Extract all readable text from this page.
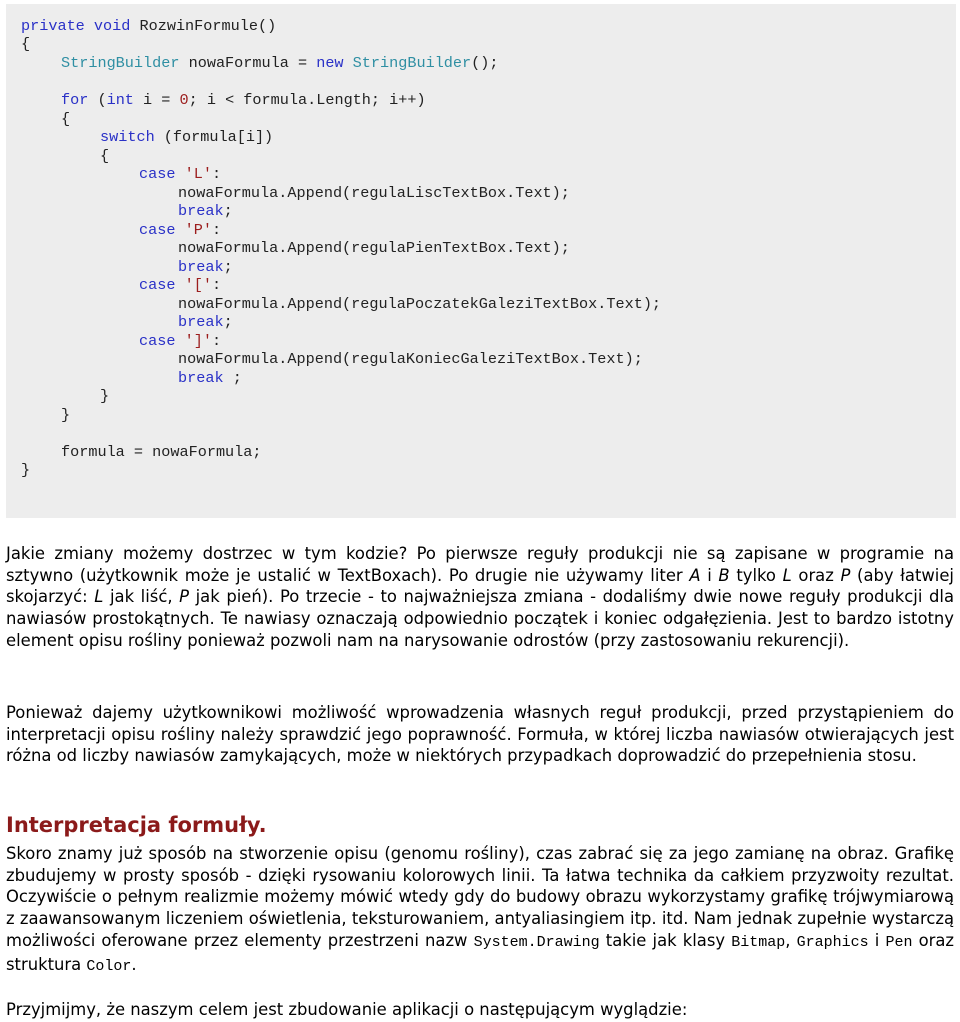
private void RozwinFormule()
{
StringBuilder nowaFormula = new StringBuilder();
for (int i = 0; i < formula.Length; i++)
{
switch (formula[i])
{
case 'L':
nowaFormula.Append(regulaLiscTextBox.Text);
break;
case 'P':
nowaFormula.Append(regulaPienTextBox.Text);
break;
case '[':
nowaFormula.Append(regulaPoczatekGaleziTextBox.Text);
break;
case ']':
nowaFormula.Append(regulaKoniecGaleziTextBox.Text);
break ;
}
}
formula = nowaFormula;
}

Jakie zmiany możemy dostrzec w tym kodzie? Po pierwsze reguły produkcji nie są zapisane w programie na sztywno (użytkownik może je ustalić w TextBoxach). Po drugie nie używamy liter A i B tylko L oraz P (aby łatwiej skojarzyć: L jak liść, P jak pień). Po trzecie - to najważniejsza zmiana - dodaliśmy dwie nowe reguły produkcji dla nawiasów prostokątnych. Te nawiasy oznaczają odpowiednio początek i koniec odgałęzienia. Jest to bardzo istotny element opisu rośliny ponieważ pozwoli nam na narysowanie odrostów (przy zastosowaniu rekurencji).

Ponieważ dajemy użytkownikowi możliwość wprowadzenia własnych reguł produkcji, przed przystąpieniem do interpretacji opisu rośliny należy sprawdzić jego poprawność. Formuła, w której liczba nawiasów otwierających jest różna od liczby nawiasów zamykających, może w niektórych przypadkach doprowadzić do przepełnienia stosu.

Interpretacja formuły.

Skoro znamy już sposób na stworzenie opisu (genomu rośliny), czas zabrać się za jego zamianę na obraz. Grafikę zbudujemy w prosty sposób - dzięki rysowaniu kolorowych linii. Ta łatwa technika da całkiem przyzwoity rezultat. Oczywiście o pełnym realizmie możemy mówić wtedy gdy do budowy obrazu wykorzystamy grafikę trójwymiarową z zaawansowanym liczeniem oświetlenia, teksturowaniem, antyaliasingiem itp. itd. Nam jednak zupełnie wystarczą możliwości oferowane przez elementy przestrzeni nazw System.Drawing takie jak klasy Bitmap, Graphics i Pen oraz struktura Color.

Przyjmijmy, że naszym celem jest zbudowanie aplikacji o następującym wyglądzie:
